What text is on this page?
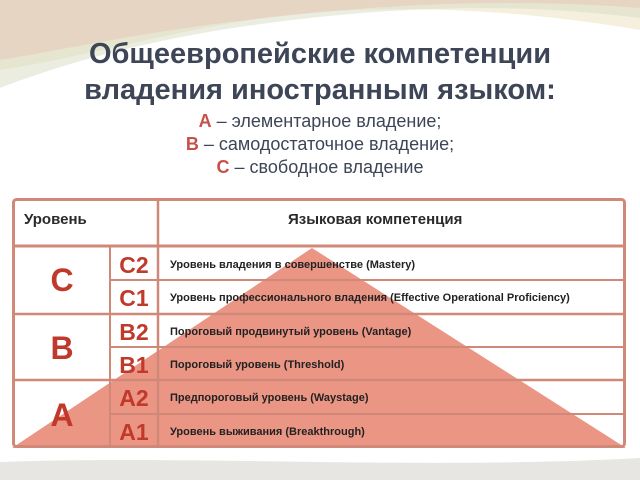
Общеевропейские компетенции
владения иностранным языком:
A – элементарное владение;
B – самодостаточное владение;
C – свободное владение
Уровень	Языковая компетенция
C
B
A
C2
C1
B2
B1
A2
A1
Уровень владения в совершенстве (Mastery)
Уровень профессионального владения (Effective Operational Proficiency)
Пороговый продвинутый уровень (Vantage)
Пороговый уровень (Threshold)
Предпороговый уровень (Waystage)
Уровень выживания (Breakthrough)
